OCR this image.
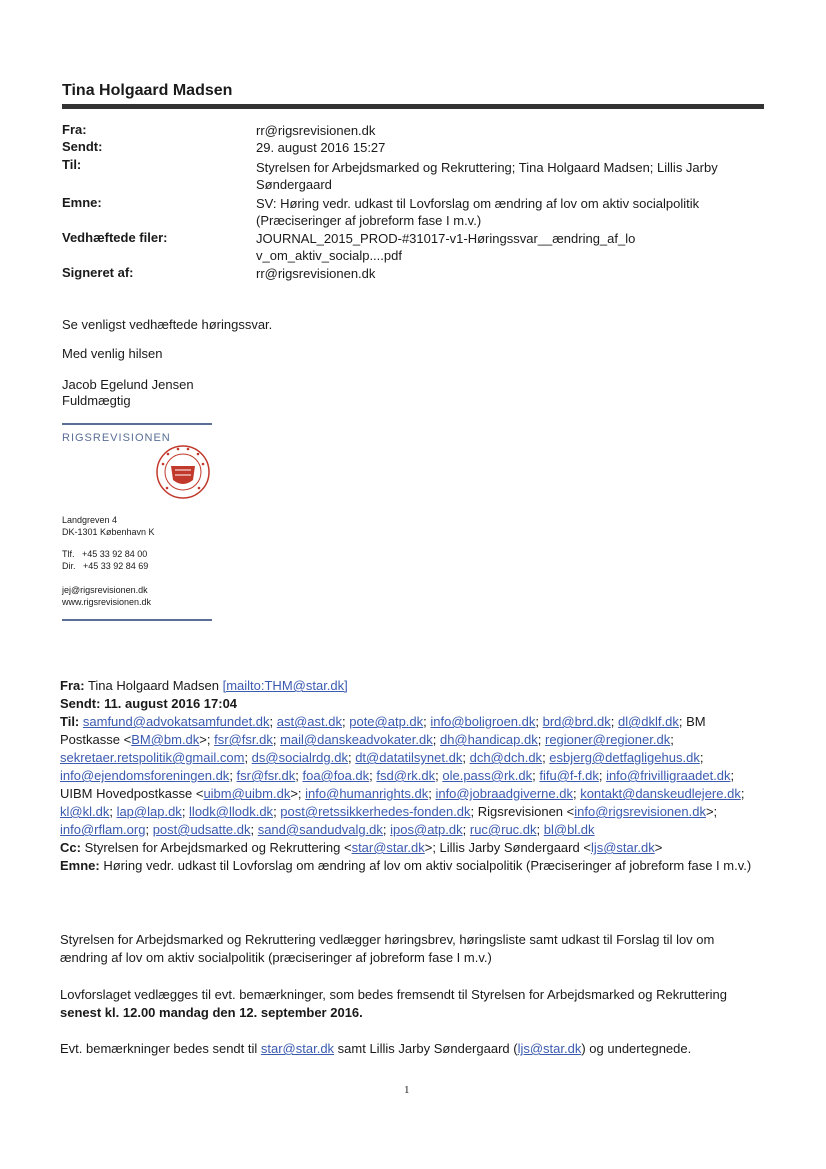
Tina Holgaard Madsen
Fra:	rr@rigsrevisionen.dk
Sendt:	29. august 2016 15:27
Til:	Styrelsen for Arbejdsmarked og Rekruttering; Tina Holgaard Madsen; Lillis Jarby Søndergaard
Emne:	SV: Høring vedr. udkast til Lovforslag om ændring af lov om aktiv socialpolitik (Præciseringer af jobreform fase I m.v.)
Vedhæftede filer:	JOURNAL_2015_PROD-#31017-v1-Høringssvar__ændring_af_lov_om_aktiv_socialp....pdf
Signeret af:	rr@rigsrevisionen.dk
Se venligst vedhæftede høringssvar.
Med venlig hilsen
Jacob Egelund Jensen
Fuldmægtig
RIGSREVISIONEN
Landgreven 4
DK-1301 København K
Tlf.   +45 33 92 84 00
Dir.   +45 33 92 84 69
jej@rigsrevisionen.dk
www.rigsrevisionen.dk
Fra: Tina Holgaard Madsen [mailto:THM@star.dk]
Sendt: 11. august 2016 17:04
Til: samfund@advokatsamfundet.dk; ast@ast.dk; pote@atp.dk; info@boligroen.dk; brd@brd.dk; dl@dklf.dk; BM Postkasse <BM@bm.dk>; fsr@fsr.dk; mail@danskeadvokater.dk; dh@handicap.dk; regioner@regioner.dk; sekretaer.retspolitik@gmail.com; ds@socialrdg.dk; dt@datatilsynet.dk; dch@dch.dk; esbjerg@detfagligehus.dk; info@ejendomsforeningen.dk; fsr@fsr.dk; foa@foa.dk; fsd@rk.dk; ole.pass@rk.dk; fifu@f-f.dk; info@frivilligraadet.dk; UIBM Hovedpostkasse <uibm@uibm.dk>; info@humanrights.dk; info@jobraadgiverne.dk; kontakt@danskeudlejere.dk; kl@kl.dk; lap@lap.dk; llodk@llodk.dk; post@retssikkerhedes-fonden.dk; Rigsrevisionen <info@rigsrevisionen.dk>; info@rflam.org; post@udsatte.dk; sand@sandudvalg.dk; ipos@atp.dk; ruc@ruc.dk; bl@bl.dk
Cc: Styrelsen for Arbejdsmarked og Rekruttering <star@star.dk>; Lillis Jarby Søndergaard <ljs@star.dk>
Emne: Høring vedr. udkast til Lovforslag om ændring af lov om aktiv socialpolitik (Præciseringer af jobreform fase I m.v.)
Styrelsen for Arbejdsmarked og Rekruttering vedlægger høringsbrev, høringsliste samt udkast til Forslag til lov om ændring af lov om aktiv socialpolitik (præciseringer af jobreform fase I m.v.)
Lovforslaget vedlægges til evt. bemærkninger, som bedes fremsendt til Styrelsen for Arbejdsmarked og Rekruttering senest kl. 12.00 mandag den 12. september 2016.
Evt. bemærkninger bedes sendt til star@star.dk samt Lillis Jarby Søndergaard (ljs@star.dk) og undertegnede.
1
